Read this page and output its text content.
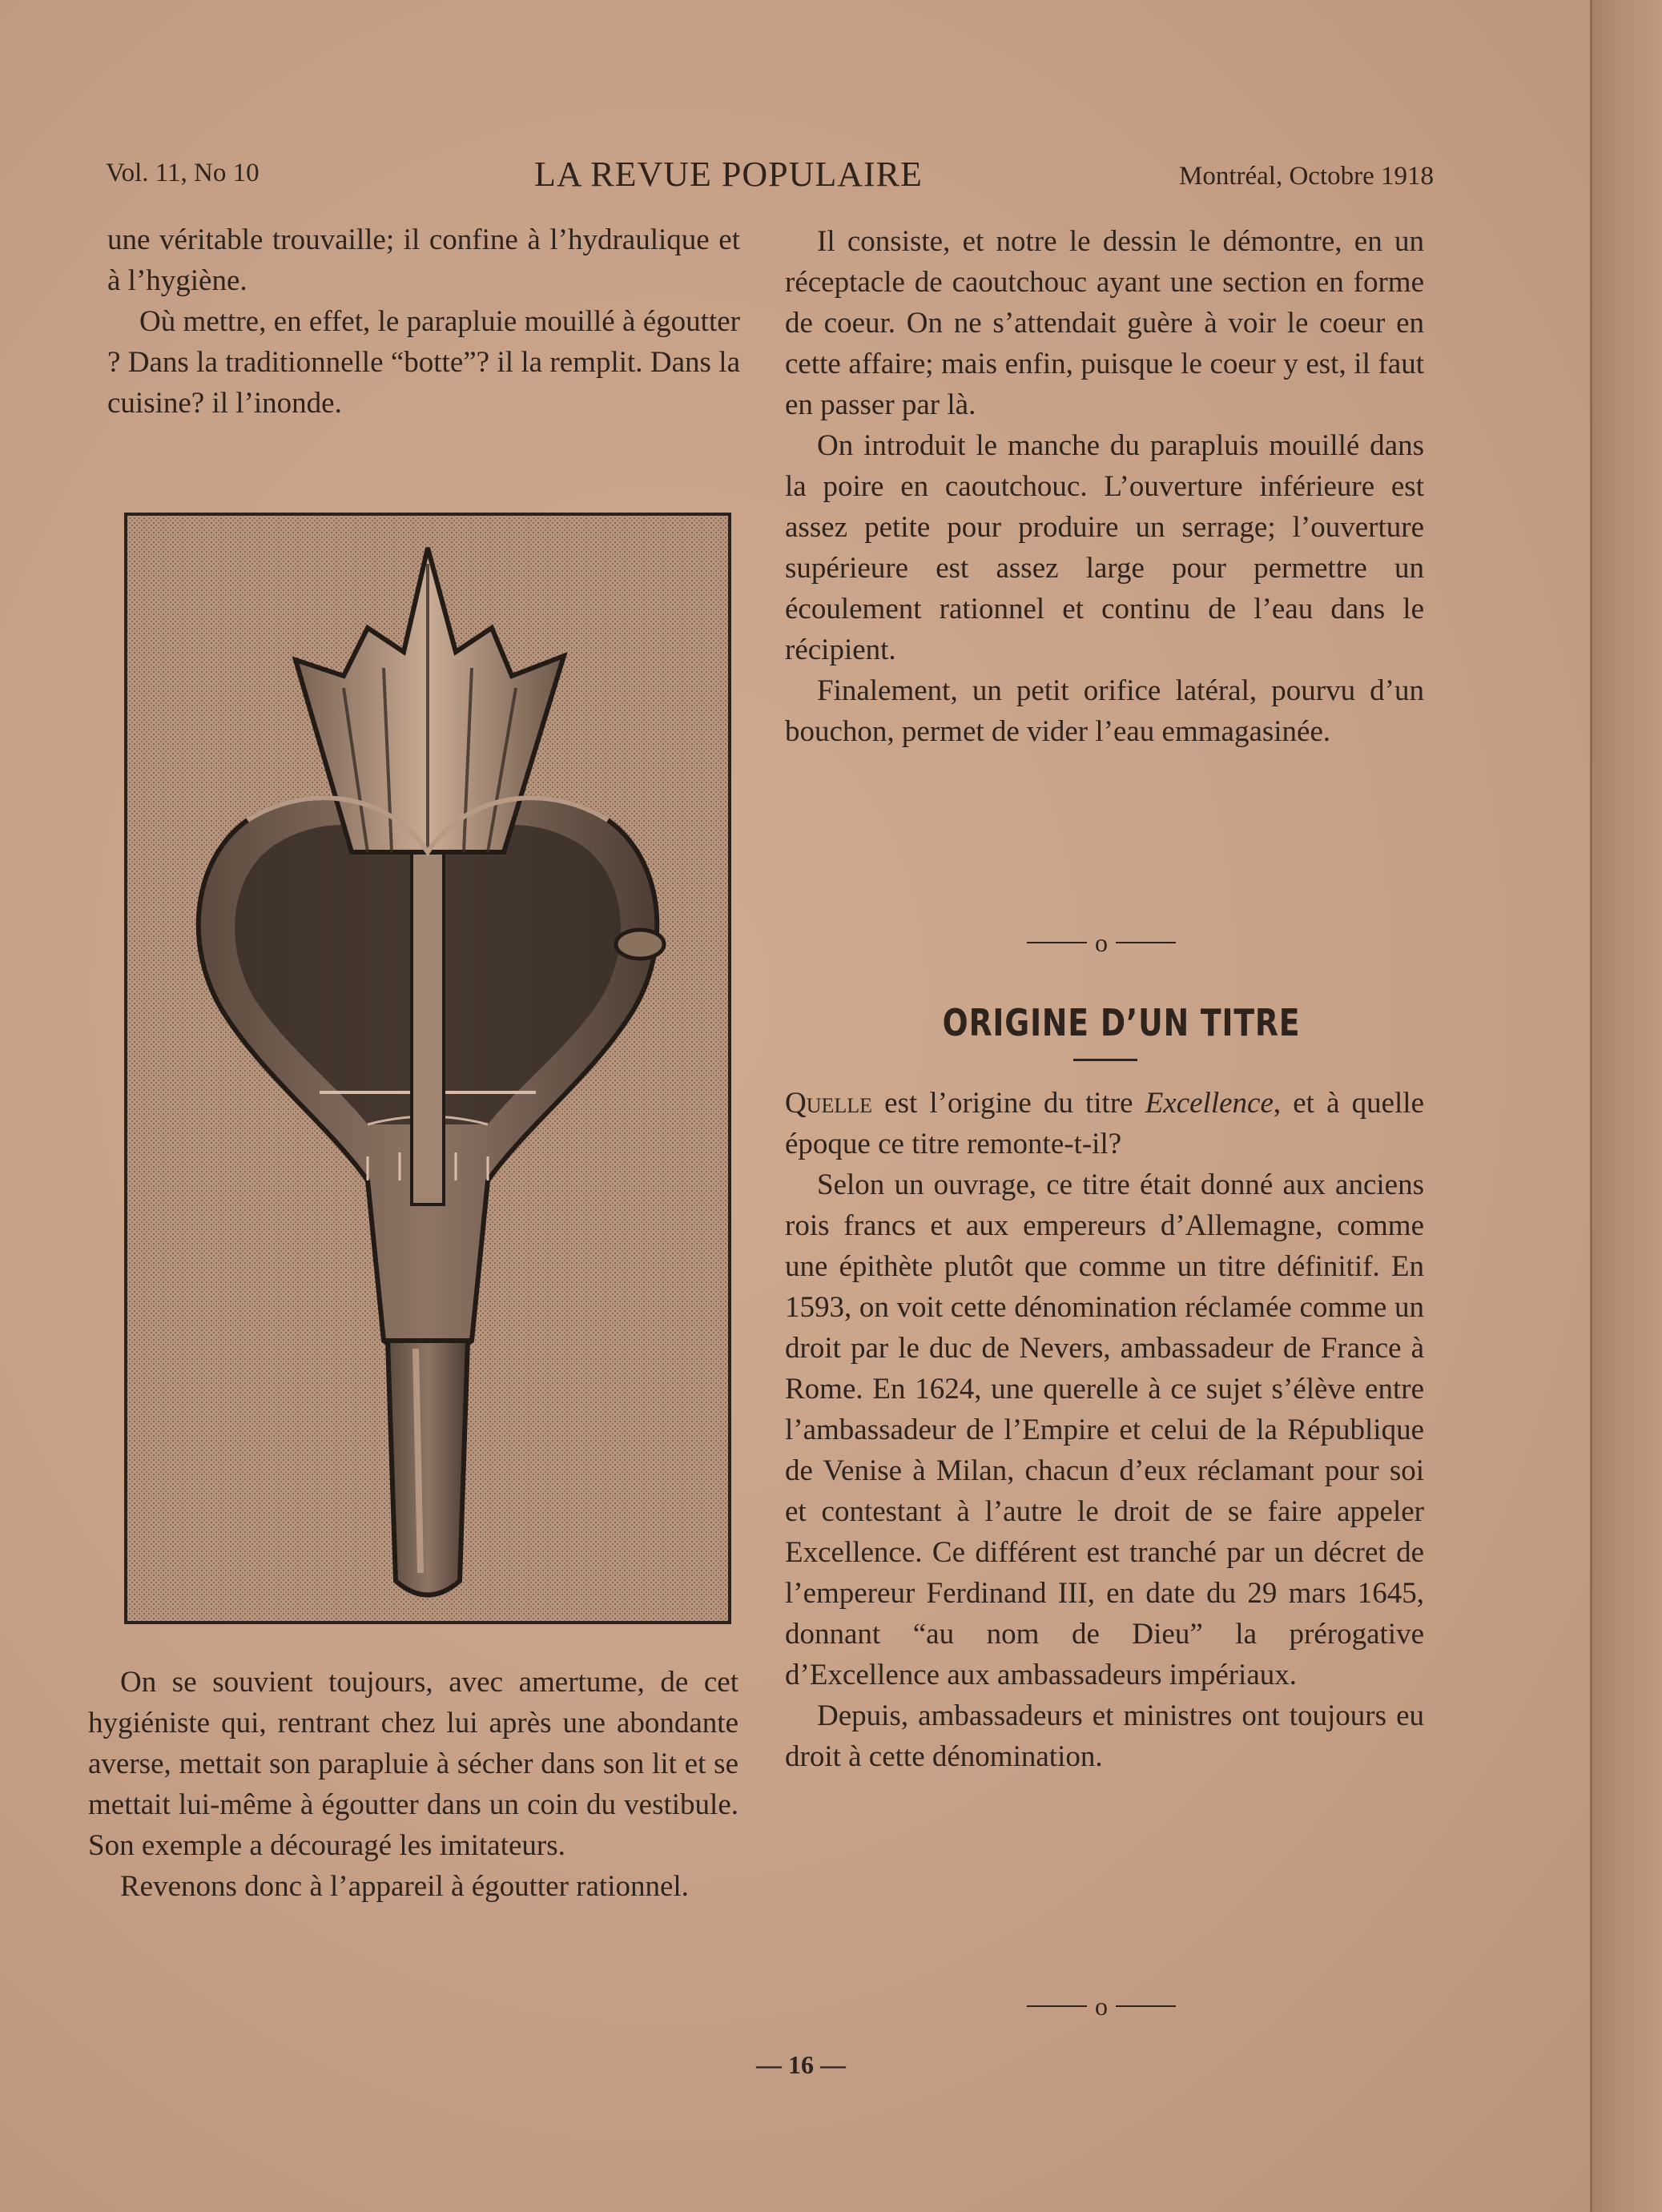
Vol. 11, No 10	LA REVUE POPULAIRE	Montréal, Octobre 1918

une véritable trouvaille; il confine à l’hydraulique et à l’hygiène.

Où mettre, en effet, le parapluie mouillé à égoutter ? Dans la traditionnelle “botte”? il la remplit. Dans la cuisine? il l’inonde.

On se souvient toujours, avec amertume, de cet hygiéniste qui, rentrant chez lui après une abondante averse, mettait son parapluie à sécher dans son lit et se mettait lui-même à égoutter dans un coin du vestibule. Son exemple a découragé les imitateurs.

Revenons donc à l’appareil à égoutter rationnel.

Il consiste, et notre le dessin le démontre, en un réceptacle de caoutchouc ayant une section en forme de coeur. On ne s’attendait guère à voir le coeur en cette affaire; mais enfin, puisque le coeur y est, il faut en passer par là.

On introduit le manche du parapluis mouillé dans la poire en caoutchouc. L’ouverture inférieure est assez petite pour produire un serrage; l’ouverture supérieure est assez large pour permettre un écoulement rationnel et continu de l’eau dans le récipient.

Finalement, un petit orifice latéral, pourvu d’un bouchon, permet de vider l’eau emmagasinée.

o
ORIGINE D’UN TITRE

Quelle est l’origine du titre Excellence, et à quelle époque ce titre remonte-t-il?

Selon un ouvrage, ce titre était donné aux anciens rois francs et aux empereurs d’Allemagne, comme une épithète plutôt que comme un titre définitif. En 1593, on voit cette dénomination réclamée comme un droit par le duc de Nevers, ambassadeur de France à Rome. En 1624, une querelle à ce sujet s’élève entre l’ambassadeur de l’Empire et celui de la République de Venise à Milan, chacun d’eux réclamant pour soi et contestant à l’autre le droit de se faire appeler Excellence. Ce différent est tranché par un décret de l’empereur Ferdinand III, en date du 29 mars 1645, donnant “au nom de Dieu” la prérogative d’Excellence aux ambassadeurs impériaux.

Depuis, ambassadeurs et ministres ont toujours eu droit à cette dénomination.

o
— 16 —
